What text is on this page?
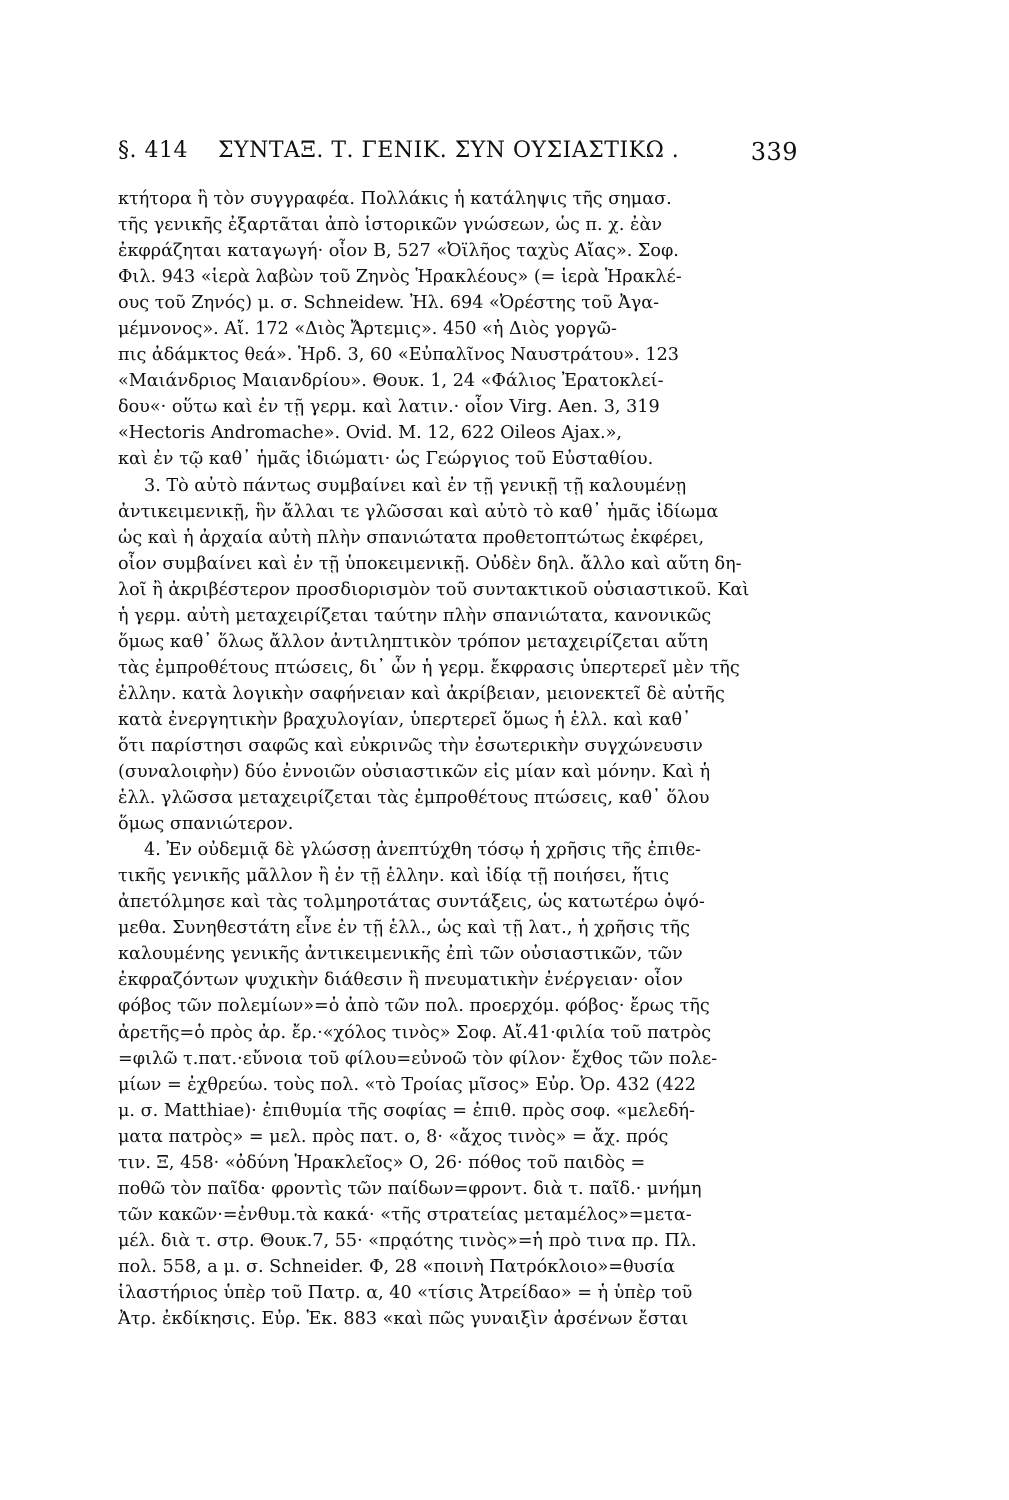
§. 414 ΣΥΝΤΑΞ. Τ. ΓΕΝΙΚ. ΣΥΝ ΟΥΣΙΑΣΤΙΚΩ .	339
κτήτορα ἢ τὸν συγγραφέα. Πολλάκις ἡ κατάληψις τῆς σημασ.
τῆς γενικῆς ἐξαρτᾶται ἀπὸ ἱστορικῶν γνώσεων, ὡς π. χ. ἐὰν
ἐκφράζηται καταγωγή· οἷον Β, 527 «Ὀϊλῆος ταχὺς Αἴας». Σοφ.
Φιλ. 943 «ἱερὰ λαβὼν τοῦ Ζηνὸς Ἡρακλέους» (= ἱερὰ Ἡρακλέ-
ους τοῦ Ζηνός) μ. σ. Schneidew. Ἠλ. 694 «Ὀρέστης τοῦ Ἀγα-
μέμνονος». Αἴ. 172 «Διὸς Ἄρτεμις». 450 «ἡ Διὸς γοργῶ-
πις ἀδάμκτος θεά». Ἡρδ. 3, 60 «Εὐπαλῖνος Ναυστράτου». 123
«Μαιάνδριος Μαιανδρίου». Θουκ. 1, 24 «Φάλιος Ἐρατοκλεί-
δου«· οὕτω καὶ ἐν τῇ γερμ. καὶ λατιν.· οἷον Virg. Aen. 3, 319
«Hectoris Andromache». Ovid. M. 12, 622 Oileos Ajax.»,
καὶ ἐν τῷ καθ᾽ ἡμᾶς ἰδιώματι· ὡς Γεώργιος τοῦ Εὐσταθίου.
3. Τὸ αὐτὸ πάντως συμβαίνει καὶ ἐν τῇ γενικῇ τῇ καλουμένῃ
ἀντικειμενικῇ, ἣν ἄλλαι τε γλῶσσαι καὶ αὐτὸ τὸ καθ᾽ ἡμᾶς ἰδίωμα
ὡς καὶ ἡ ἀρχαία αὐτὴ πλὴν σπανιώτατα προθετοπτώτως ἐκφέρει,
οἷον συμβαίνει καὶ ἐν τῇ ὑποκειμενικῇ. Οὐδὲν δηλ. ἄλλο καὶ αὕτη δη-
λοῖ ἢ ἀκριβέστερον προσδιορισμὸν τοῦ συντακτικοῦ οὐσιαστικοῦ. Καὶ
ἡ γερμ. αὐτὴ μεταχειρίζεται ταύτην πλὴν σπανιώτατα, κανονικῶς
ὅμως καθ᾽ ὅλως ἄλλον ἀντιληπτικὸν τρόπον μεταχειρίζεται αὕτη
τὰς ἐμπροθέτους πτώσεις, δι᾽ ὧν ἡ γερμ. ἔκφρασις ὑπερτερεῖ μὲν τῆς
ἑλλην. κατὰ λογικὴν σαφήνειαν καὶ ἀκρίβειαν, μειονεκτεῖ δὲ αὐτῆς
κατὰ ἐνεργητικὴν βραχυλογίαν, ὑπερτερεῖ ὅμως ἡ ἑλλ. καὶ καθ᾽
ὅτι παρίστησι σαφῶς καὶ εὐκρινῶς τὴν ἐσωτερικὴν συγχώνευσιν
(συναλοιφὴν) δύο ἐννοιῶν οὐσιαστικῶν εἰς μίαν καὶ μόνην. Καὶ ἡ
ἑλλ. γλῶσσα μεταχειρίζεται τὰς ἐμπροθέτους πτώσεις, καθ᾽ ὅλου
ὅμως σπανιώτερον.
4. Ἐν οὐδεμιᾷ δὲ γλώσσῃ ἀνεπτύχθη τόσῳ ἡ χρῆσις τῆς ἐπιθε-
τικῆς γενικῆς μᾶλλον ἢ ἐν τῇ ἑλλην. καὶ ἰδίᾳ τῇ ποιήσει, ἥτις
ἀπετόλμησε καὶ τὰς τολμηροτάτας συντάξεις, ὡς κατωτέρω ὀψό-
μεθα. Συνηθεστάτη εἶνε ἐν τῇ ἑλλ., ὡς καὶ τῇ λατ., ἡ χρῆσις τῆς
καλουμένης γενικῆς ἀντικειμενικῆς ἐπὶ τῶν οὐσιαστικῶν, τῶν
ἐκφραζόντων ψυχικὴν διάθεσιν ἢ πνευματικὴν ἐνέργειαν· οἷον
φόβος τῶν πολεμίων»=ὁ ἀπὸ τῶν πολ. προερχόμ. φόβος· ἔρως τῆς
ἀρετῆς=ὁ πρὸς ἀρ. ἔρ.·«χόλος τινὸς» Σοφ. Αἴ.41·φιλία τοῦ πατρὸς
=φιλῶ τ.πατ.·εὔνοια τοῦ φίλου=εὐνοῶ τὸν φίλον· ἔχθος τῶν πολε-
μίων = ἐχθρεύω. τοὺς πολ. «τὸ Τροίας μῖσος» Εὐρ. Ὀρ. 432 (422
μ. σ. Matthiae)· ἐπιθυμία τῆς σοφίας = ἐπιθ. πρὸς σοφ. «μελεδή-
ματα πατρὸς» = μελ. πρὸς πατ. ο, 8· «ἄχος τινὸς» = ἄχ. πρός
τιν. Ξ, 458· «ὀδύνη Ἡρακλεῖος» Ο, 26· πόθος τοῦ παιδὸς =
ποθῶ τὸν παῖδα· φροντὶς τῶν παίδων=φροντ. διὰ τ. παῖδ.· μνήμη
τῶν κακῶν·=ἐνθυμ.τὰ κακά· «τῆς στρατείας μεταμέλος»=μετα-
μέλ. διὰ τ. στρ. Θουκ.7, 55· «πρᾳότης τινὸς»=ἡ πρὸ τινα πρ. Πλ.
πολ. 558, a μ. σ. Schneider. Φ, 28 «ποινὴ Πατρόκλοιο»=θυσία
ἱλαστήριος ὑπὲρ τοῦ Πατρ. α, 40 «τίσις Ἀτρείδαο» = ἡ ὑπὲρ τοῦ
Ἀτρ. ἐκδίκησις. Εὐρ. Ἑκ. 883 «καὶ πῶς γυναιξὶν ἀρσένων ἔσται
